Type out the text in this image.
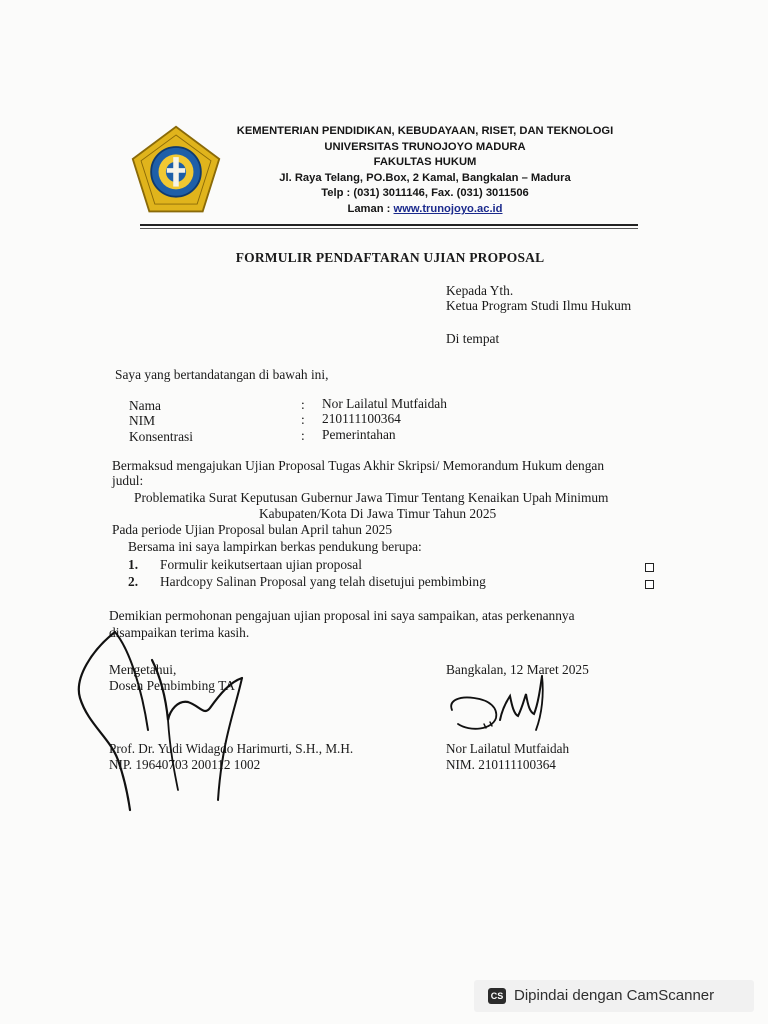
KEMENTERIAN PENDIDIKAN, KEBUDAYAAN, RISET, DAN TEKNOLOGI
UNIVERSITAS TRUNOJOYO MADURA
FAKULTAS HUKUM
Jl. Raya Telang, PO.Box, 2 Kamal, Bangkalan – Madura
Telp : (031) 3011146, Fax. (031) 3011506
Laman : www.trunojoyo.ac.id
FORMULIR PENDAFTARAN UJIAN PROPOSAL
Kepada Yth.
Ketua Program Studi Ilmu Hukum
Di tempat
Saya yang bertandatangan di bawah ini,
Nama	: Nor Lailatul Mutfaidah
NIM	: 210111100364
Konsentrasi	: Pemerintahan
Bermaksud mengajukan Ujian Proposal Tugas Akhir Skripsi/ Memorandum Hukum dengan
judul:
Problematika Surat Keputusan Gubernur Jawa Timur Tentang Kenaikan Upah Minimum
Kabupaten/Kota Di Jawa Timur Tahun 2025
Pada periode Ujian Proposal bulan April tahun 2025
Bersama ini saya lampirkan berkas pendukung berupa:
1. Formulir keikutsertaan ujian proposal
2. Hardcopy Salinan Proposal yang telah disetujui pembimbing
Demikian permohonan pengajuan ujian proposal ini saya sampaikan, atas perkenannya
disampaikan terima kasih.
Mengetahui,
Dosen Pembimbing TA
Prof. Dr. Yudi Widagdo Harimurti, S.H., M.H.
NIP. 19640703 200112 1002
Bangkalan, 12 Maret 2025
Nor Lailatul Mutfaidah
NIM. 210111100364
CS Dipindai dengan CamScanner
